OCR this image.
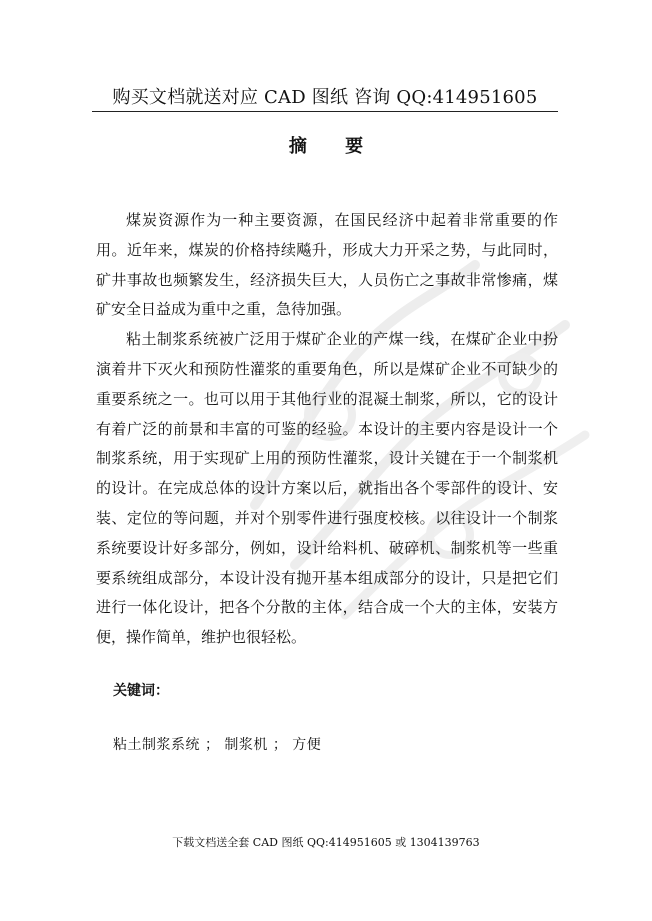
购买文档就送对应 CAD 图纸 咨询 QQ:414951605
摘 要

煤炭资源作为一种主要资源，在国民经济中起着非常重要的作用。近年来，煤炭的价格持续飚升，形成大力开采之势，与此同时，矿井事故也频繁发生，经济损失巨大，人员伤亡之事故非常惨痛，煤矿安全日益成为重中之重，急待加强。

粘土制浆系统被广泛用于煤矿企业的产煤一线，在煤矿企业中扮演着井下灭火和预防性灌浆的重要角色，所以是煤矿企业不可缺少的重要系统之一。也可以用于其他行业的混凝土制浆，所以，它的设计有着广泛的前景和丰富的可鉴的经验。本设计的主要内容是设计一个制浆系统，用于实现矿上用的预防性灌浆，设计关键在于一个制浆机的设计。在完成总体的设计方案以后，就指出各个零部件的设计、安装、定位的等问题，并对个别零件进行强度校核。以往设计一个制浆系统要设计好多部分，例如，设计给料机、破碎机、制浆机等一些重要系统组成部分，本设计没有抛开基本组成部分的设计，只是把它们进行一体化设计，把各个分散的主体，结合成一个大的主体，安装方便，操作简单，维护也很轻松。

关键词：
粘土制浆系统 ； 制浆机 ； 方便
下载文档送全套 CAD 图纸 QQ:414951605 或 1304139763
